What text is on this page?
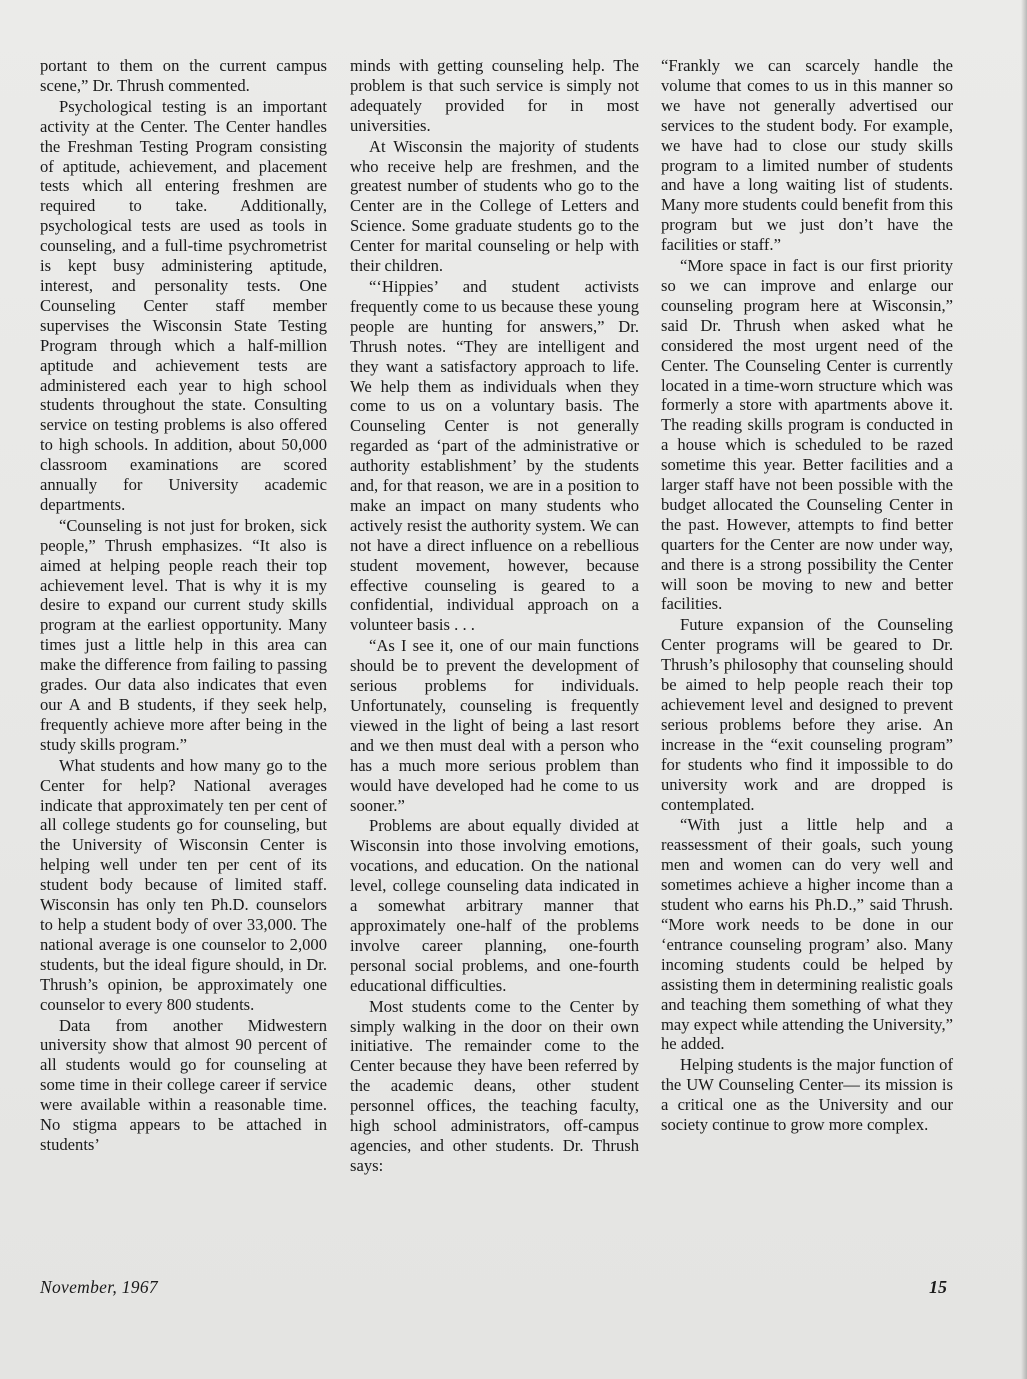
portant to them on the current campus scene,” Dr. Thrush commented.

Psychological testing is an important activity at the Center. The Center handles the Freshman Testing Program consisting of aptitude, achievement, and placement tests which all entering freshmen are required to take. Additionally, psychological tests are used as tools in counseling, and a full-time psychrometrist is kept busy administering aptitude, interest, and personality tests. One Counseling Center staff member supervises the Wisconsin State Testing Program through which a half-million aptitude and achievement tests are administered each year to high school students throughout the state. Consulting service on testing problems is also offered to high schools. In addition, about 50,000 classroom examinations are scored annually for University academic departments.

“Counseling is not just for broken, sick people,” Thrush emphasizes. “It also is aimed at helping people reach their top achievement level. That is why it is my desire to expand our current study skills program at the earliest opportunity. Many times just a little help in this area can make the difference from failing to passing grades. Our data also indicates that even our A and B students, if they seek help, frequently achieve more after being in the study skills program.”

What students and how many go to the Center for help? National averages indicate that approximately ten per cent of all college students go for counseling, but the University of Wisconsin Center is helping well under ten per cent of its student body because of limited staff. Wisconsin has only ten Ph.D. counselors to help a student body of over 33,000. The national average is one counselor to 2,000 students, but the ideal figure should, in Dr. Thrush’s opinion, be approximately one counselor to every 800 students.

Data from another Midwestern university show that almost 90 percent of all students would go for counseling at some time in their college career if service were available within a reasonable time. No stigma appears to be attached in students’

minds with getting counseling help. The problem is that such service is simply not adequately provided for in most universities.

At Wisconsin the majority of students who receive help are freshmen, and the greatest number of students who go to the Center are in the College of Letters and Science. Some graduate students go to the Center for marital counseling or help with their children.

“‘Hippies’ and student activists frequently come to us because these young people are hunting for answers,” Dr. Thrush notes. “They are intelligent and they want a satisfactory approach to life. We help them as individuals when they come to us on a voluntary basis. The Counseling Center is not generally regarded as ‘part of the administrative or authority establishment’ by the students and, for that reason, we are in a position to make an impact on many students who actively resist the authority system. We can not have a direct influence on a rebellious student movement, however, because effective counseling is geared to a confidential, individual approach on a volunteer basis . . .

“As I see it, one of our main functions should be to prevent the development of serious problems for individuals. Unfortunately, counseling is frequently viewed in the light of being a last resort and we then must deal with a person who has a much more serious problem than would have developed had he come to us sooner.”

Problems are about equally divided at Wisconsin into those involving emotions, vocations, and education. On the national level, college counseling data indicated in a somewhat arbitrary manner that approximately one-half of the problems involve career planning, one-fourth personal social problems, and one-fourth educational difficulties.

Most students come to the Center by simply walking in the door on their own initiative. The remainder come to the Center because they have been referred by the academic deans, other student personnel offices, the teaching faculty, high school administrators, off-campus agencies, and other students. Dr. Thrush says:

“Frankly we can scarcely handle the volume that comes to us in this manner so we have not generally advertised our services to the student body. For example, we have had to close our study skills program to a limited number of students and have a long waiting list of students. Many more students could benefit from this program but we just don’t have the facilities or staff.”

“More space in fact is our first priority so we can improve and enlarge our counseling program here at Wisconsin,” said Dr. Thrush when asked what he considered the most urgent need of the Center. The Counseling Center is currently located in a time-worn structure which was formerly a store with apartments above it. The reading skills program is conducted in a house which is scheduled to be razed sometime this year. Better facilities and a larger staff have not been possible with the budget allocated the Counseling Center in the past. However, attempts to find better quarters for the Center are now under way, and there is a strong possibility the Center will soon be moving to new and better facilities.

Future expansion of the Counseling Center programs will be geared to Dr. Thrush’s philosophy that counseling should be aimed to help people reach their top achievement level and designed to prevent serious problems before they arise. An increase in the “exit counseling program” for students who find it impossible to do university work and are dropped is contemplated.

“With just a little help and a reassessment of their goals, such young men and women can do very well and sometimes achieve a higher income than a student who earns his Ph.D.,” said Thrush. “More work needs to be done in our ‘entrance counseling program’ also. Many incoming students could be helped by assisting them in determining realistic goals and teaching them something of what they may expect while attending the University,” he added.

Helping students is the major function of the UW Counseling Center— its mission is a critical one as the University and our society continue to grow more complex.

November, 1967	15
